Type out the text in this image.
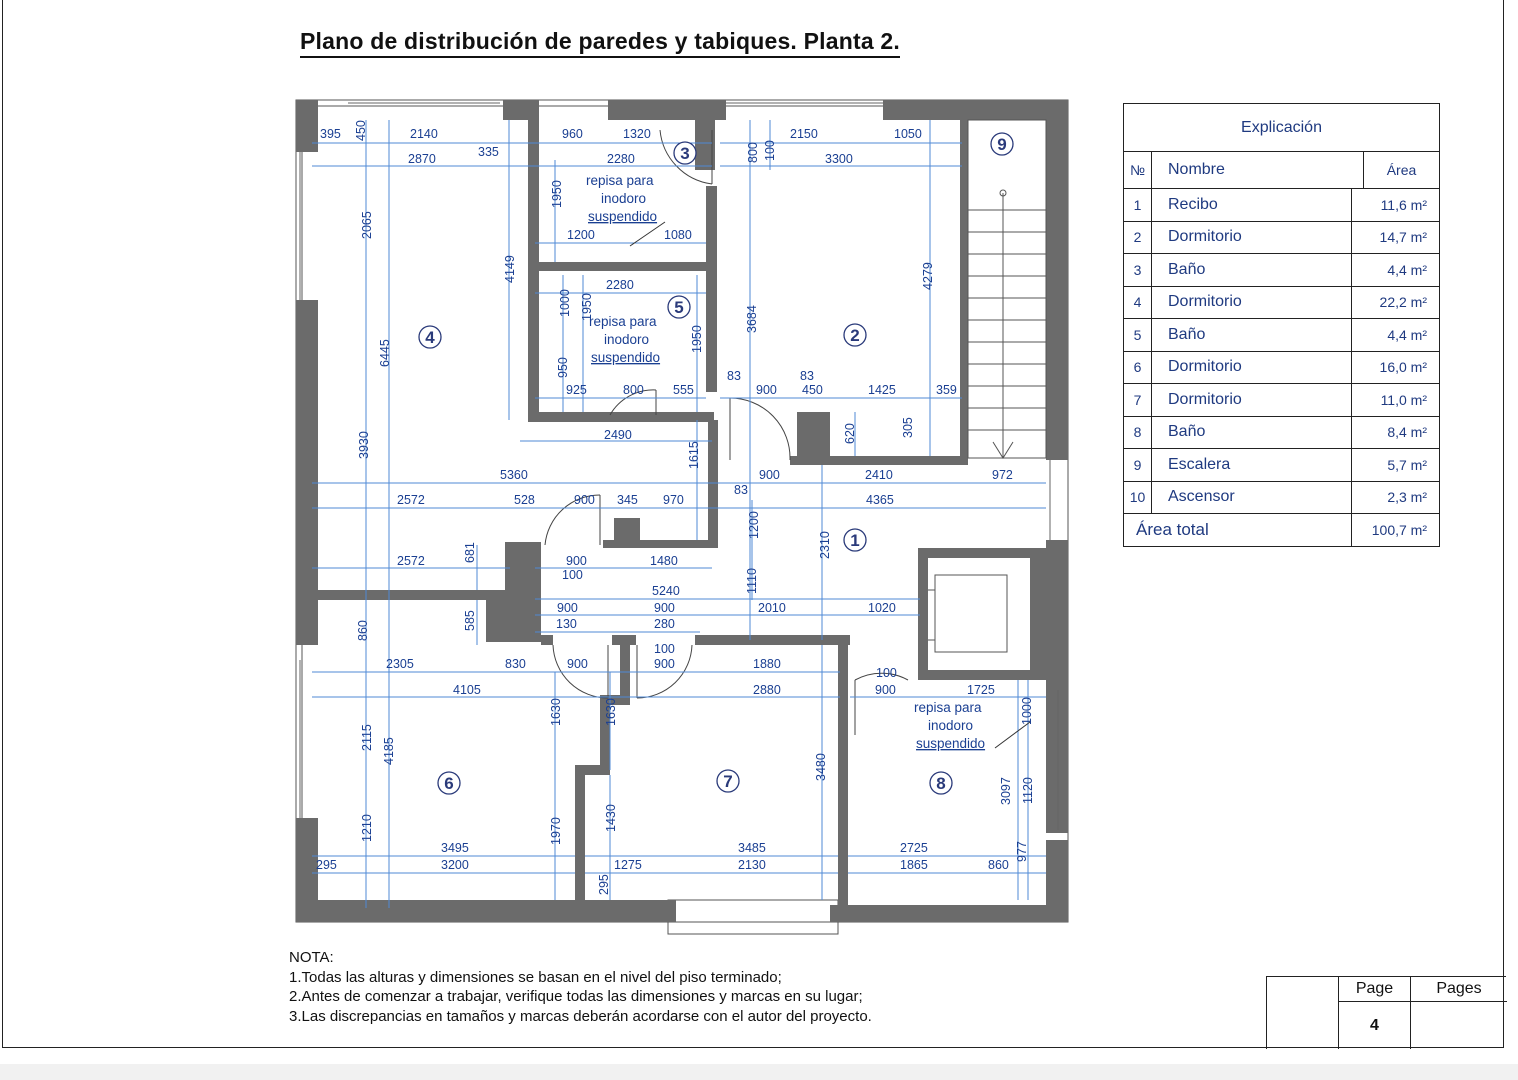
Plano de distribución de paredes y tabiques. Planta 2.
395 450	2140	960	1320	2150	1050
2870	335	2280	3300
800 100
1950
1200	1080
2065
4149	4279
3684
2280
1000 1950
1950
950
925	800 555
83	83
900 450	1425	359
6445
2490	620	305
3930	1615
5360	900	2410	972
83
2572	528	900 345 970	4365
1200
2310
2572	681	900	1480
100
5240	1110
585
860
900	900	2010	1020
130	280
100
2305	830	900	900	1880
100
4105	2880	900	1725
1000
1630	1630
3480
2115 4185
3097 1120
1970	1430
977
1210
3495	3485	2725
295	3200	1275	2130	1865	860
295
repisa para
inodoro
suspendido
repisa para
inodoro
suspendido
repisa para
inodoro
suspendido
1
2
3
4
5
6	7	8
9
Explicación
№	Nombre	Área
1	Recibo	11,6 m²
2	Dormitorio	14,7 m²
3	Baño	4,4 m²
4	Dormitorio	22,2 m²
5	Baño	4,4 m²
6	Dormitorio	16,0 m²
7	Dormitorio	11,0 m²
8	Baño	8,4 m²
9	Escalera	5,7 m²
10	Ascensor	2,3 m²
Área total	100,7 m²

NOTA:

1.Todas las alturas y dimensiones se basan en el nivel del piso terminado;

2.Antes de comenzar a trabajar, verifique todas las dimensiones y marcas en su lugar;

3.Las discrepancias en tamaños y marcas deberán acordarse con el autor del proyecto.

Page
4
Pages
